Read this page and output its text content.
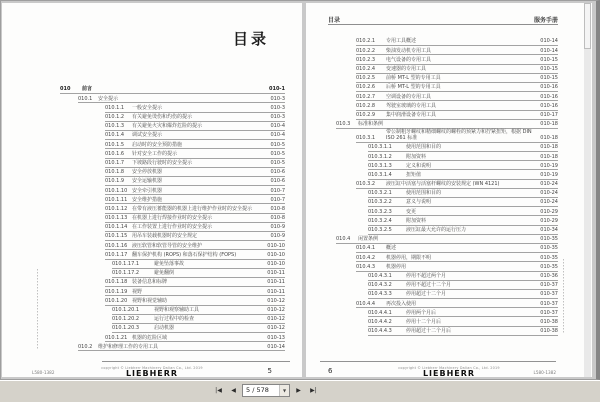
目录
010	前言	010-1
010.1	安全提示	010-3
010.1.1	一般安全提示	010-3
010.1.2	有关避免烫伤和灼伤的提示	010-3
010.1.3	有关避免火灾和爆炸危险的提示	010-4
010.1.4	调试安全提示	010-4
010.1.5	启动时的安全预防措施	010-5
010.1.6	针对安全工作的提示	010-5
010.1.7	下坡路段行驶时的安全提示	010-5
010.1.8	安全停放机器	010-6
010.1.9	安全运输机器	010-6
010.1.10 安全牵引机器	010-7
010.1.11 安全维护措施	010-7
010.1.12 在带有液压蓄能器的机器上进行维护作业时的安全提示	010-8
010.1.13 在机器上进行焊接作业时的安全提示	010-8
010.1.14 在工作装置上进行作业时的安全提示	010-9
010.1.15 用吊车装载机器时的安全规定	010-9
010.1.16 液压软管和软管导管的安全维护	010-10
010.1.17 翻车保护机构 (ROPS) 和落石保护结构 (FOPS)	010-10
010.1.17.1	避免坠落事故	010-10
010.1.17.2	避免翻倒	010-11
010.1.18 装备信息和标牌	010-11
010.1.19 视野	010-11
010.1.20 视野和视觉辅助	010-12
010.1.20.1	视野和观察辅助工具	010-12
010.1.20.2	运行过程中的检查	010-12
010.1.20.3	启动机器	010-12
010.1.21 机器的危险区域	010-13
010.2	维护和修理工作的专用工具	010-14
copyright © Liebherr Machinery Dalian Co., Ltd. 2019
LIEBHERR
L580-1382	5
目录	服务手册
010.2.1	专用工具概述	010-14
010.2.2	柴油发动机专用工具	010-14
010.2.3	电气设备的专用工具	010-15
010.2.4	变速器的专用工具	010-15
010.2.5	前桥 MT-L 型的专用工具	010-15
010.2.6	后桥 MT-L 型的专用工具	010-16
010.2.7	空调设备的专用工具	010-16
010.2.8	驾驶室玻璃的专用工具	010-16
010.2.9	集中润滑设备专用工具	010-17
010.3	标准和条例	010-18
010.3.1
带公制粗牙螺纹和精细螺纹的螺栓的预紧力和拧紧扭矩，根据 DIN ISO 261 标准	010-18
010.3.1.1	使用范围和目的	010-18
010.3.1.2	附加资料	010-18
010.3.1.3	定义和说明	010-19
010.3.1.4	扭矩值	010-19
010.3.2	液压缸中活塞与活塞杆螺纹的安装规定 (WN 4121)	010-24
010.3.2.1	使用范围和目的	010-24
010.3.2.2	意义与说明	010-24
010.3.2.3	变更	010-29
010.3.2.4	附加资料	010-29
010.3.2.5	液压缸最大允许的运行压力	010-34
010.4	闲置条例	010-35
010.4.1	概述	010-35
010.4.2	机器停用，期限不明	010-35
010.4.3	机器停用	010-35
010.4.3.1	停用不超过两个月	010-36
010.4.3.2	停用不超过十二个月	010-37
010.4.3.3	停用超过十二个月	010-37
010.4.4	再次投入使用	010-37
010.4.4.1	停用两个月后	010-37
010.4.4.2	停用十二个月后	010-38
010.4.4.3	停用超过十二个月后	010-38
copyright © Liebherr Machinery Dalian Co., Ltd. 2019
LIEBHERR
6	L580-1382
|◀	◀	5 / 578	▼	▶	▶|
